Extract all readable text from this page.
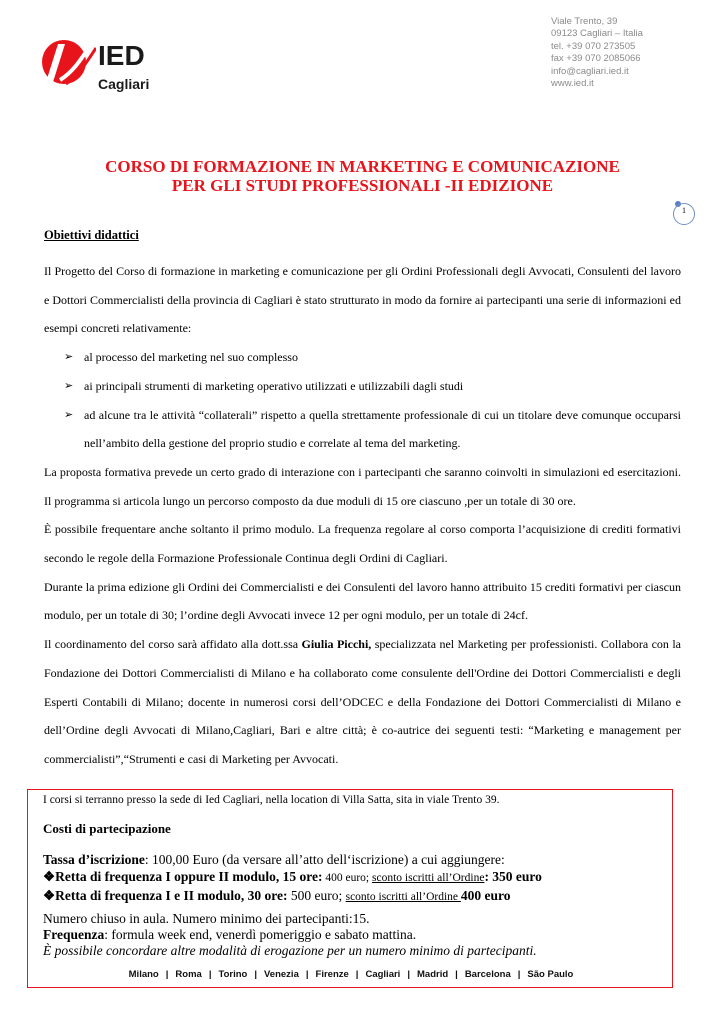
IED
Cagliari
Viale Trento, 39
09123 Cagliari – Italia
tel. +39 070 273505
fax +39 070 2085066
info@cagliari.ied.it
www.ied.it
CORSO DI FORMAZIONE IN MARKETING E COMUNICAZIONE
PER GLI STUDI PROFESSIONALI -II EDIZIONE
1
Obiettivi didattici

Il Progetto del Corso di formazione in marketing e comunicazione per gli Ordini Professionali degli Avvocati, Consulenti del lavoro e Dottori Commercialisti della provincia di Cagliari è stato strutturato in modo da fornire ai partecipanti una serie di informazioni ed esempi concreti relativamente:

➢ al processo del marketing nel suo complesso
➢ ai principali strumenti di marketing operativo utilizzati e utilizzabili dagli studi
➢ ad alcune tra le attività “collaterali” rispetto a quella strettamente professionale di cui un titolare deve comunque occuparsi nell’ambito della gestione del proprio studio e correlate al tema del marketing.

La proposta formativa prevede un certo grado di interazione con i partecipanti che saranno coinvolti in simulazioni ed esercitazioni. Il programma si articola lungo un percorso composto da due moduli di 15 ore ciascuno ,per un totale di 30 ore.

È possibile frequentare anche soltanto il primo modulo. La frequenza regolare al corso comporta l’acquisizione di crediti formativi secondo le regole della Formazione Professionale Continua degli Ordini di Cagliari.

Durante la prima edizione gli Ordini dei Commercialisti e dei Consulenti del lavoro hanno attribuito 15 crediti formativi per ciascun modulo, per un totale di 30; l’ordine degli Avvocati invece 12 per ogni modulo, per un totale di 24cf.

Il coordinamento del corso sarà affidato alla dott.ssa Giulia Picchi, specializzata nel Marketing per professionisti. Collabora con la Fondazione dei Dottori Commercialisti di Milano e ha collaborato come consulente dell'Ordine dei Dottori Commercialisti e degli Esperti Contabili di Milano; docente in numerosi corsi dell’ODCEC e della Fondazione dei Dottori Commercialisti di Milano e dell’Ordine degli Avvocati di Milano,Cagliari, Bari e altre città; è co-autrice dei seguenti testi: “Marketing e management per commercialisti”,“Strumenti e casi di Marketing per Avvocati.

I corsi si terranno presso la sede di Ied Cagliari, nella location di Villa Satta, sita in viale Trento 39.
Costi di partecipazione
Tassa d’iscrizione: 100,00 Euro (da versare all’atto dell‘iscrizione) a cui aggiungere:
❖Retta di frequenza I oppure II modulo, 15 ore: 400 euro; sconto iscritti all’Ordine: 350 euro
❖Retta di frequenza I e II modulo, 30 ore: 500 euro; sconto iscritti all’Ordine 400 euro
Numero chiuso in aula. Numero minimo dei partecipanti:15.
Frequenza: formula week end, venerdì pomeriggio e sabato mattina.
È possibile concordare altre modalità di erogazione per un numero minimo di partecipanti.
Milano | Roma | Torino | Venezia | Firenze | Cagliari | Madrid | Barcelona | São Paulo
